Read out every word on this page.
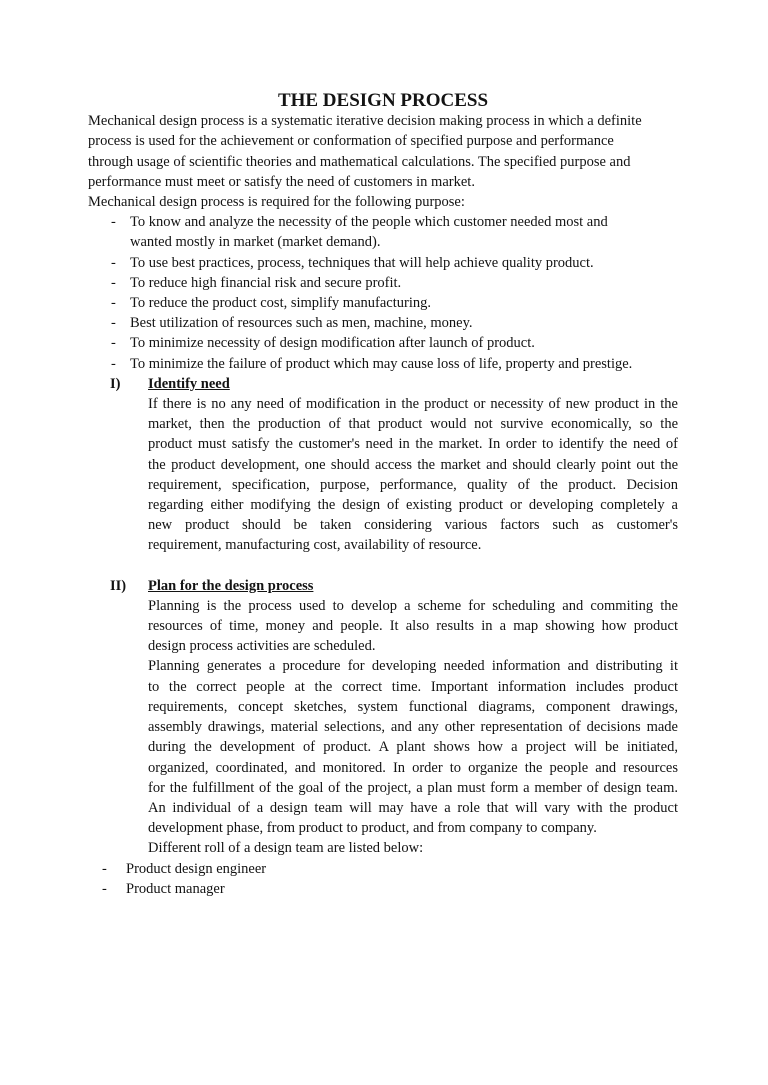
THE DESIGN PROCESS
Mechanical design process is a systematic iterative decision making process in which a definite
process is used for the achievement or conformation of specified purpose and performance
through usage of scientific theories and mathematical calculations. The specified purpose and
performance must meet or satisfy the need of customers in market.
Mechanical design process is required for the following purpose:
- To know and analyze the necessity of the people which customer needed most and
wanted mostly in market (market demand).
- To use best practices, process, techniques that will help achieve quality product.
- To reduce high financial risk and secure profit.
- To reduce the product cost, simplify manufacturing.
- Best utilization of resources such as men, machine, money.
- To minimize necessity of design modification after launch of product.
- To minimize the failure of product which may cause loss of life, property and prestige.
I) Identify need
If there is no any need of modification in the product or necessity of new product in the
market, then the production of that product would not survive economically, so the
product must satisfy the customer's need in the market. In order to identify the need of
the product development, one should access the market and should clearly point out the
requirement, specification, purpose, performance, quality of the product. Decision
regarding either modifying the design of existing product or developing completely a
new product should be taken considering various factors such as customer's
requirement, manufacturing cost, availability of resource.
II) Plan for the design process
Planning is the process used to develop a scheme for scheduling and commiting the
resources of time, money and people. It also results in a map showing how product
design process activities are scheduled.
Planning generates a procedure for developing needed information and distributing it
to the correct people at the correct time. Important information includes product
requirements, concept sketches, system functional diagrams, component drawings,
assembly drawings, material selections, and any other representation of decisions made
during the development of product. A plant shows how a project will be initiated,
organized, coordinated, and monitored. In order to organize the people and resources
for the fulfillment of the goal of the project, a plan must form a member of design team.
An individual of a design team will may have a role that will vary with the product
development phase, from product to product, and from company to company.
Different roll of a design team are listed below:
- Product design engineer
- Product manager
